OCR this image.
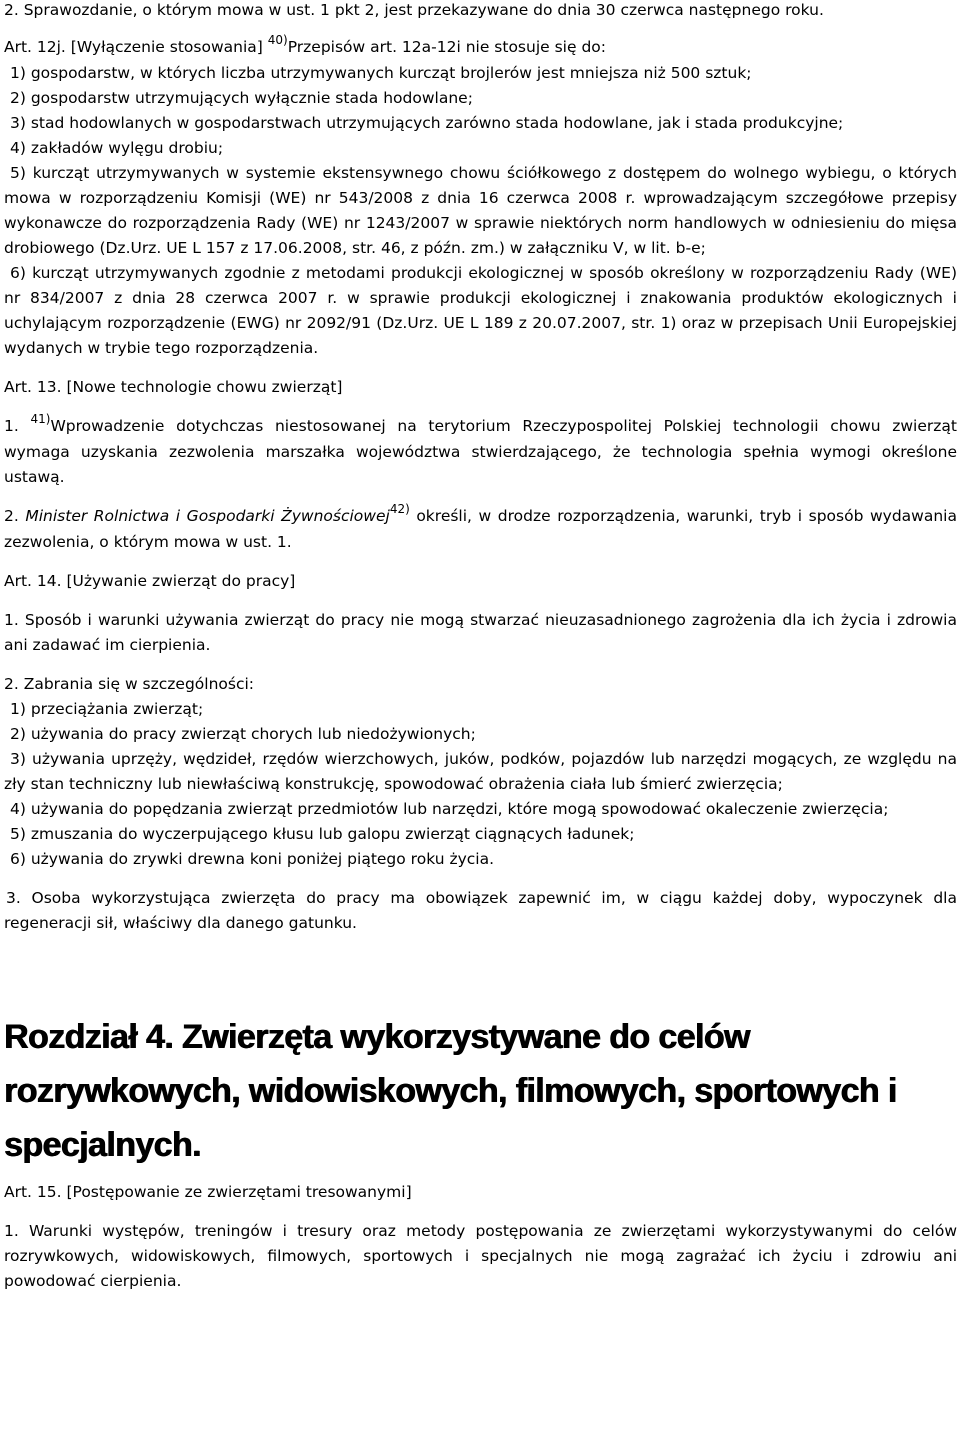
2. Sprawozdanie, o którym mowa w ust. 1 pkt 2, jest przekazywane do dnia 30 czerwca następnego roku.

Art. 12j. [Wyłączenie stosowania] $^{40)}$Przepisów art. 12a-12i nie stosuje się do:

1) gospodarstw, w których liczba utrzymywanych kurcząt brojlerów jest mniejsza niż 500 sztuk;

2) gospodarstw utrzymujących wyłącznie stada hodowlane;

3) stad hodowlanych w gospodarstwach utrzymujących zarówno stada hodowlane, jak i stada produkcyjne;

4) zakładów wylęgu drobiu;

5) kurcząt utrzymywanych w systemie ekstensywnego chowu ściółkowego z dostępem do wolnego wybiegu, o których mowa w rozporządzeniu Komisji (WE) nr 543/2008 z dnia 16 czerwca 2008 r. wprowadzającym szczegółowe przepisy wykonawcze do rozporządzenia Rady (WE) nr 1243/2007 w sprawie niektórych norm handlowych w odniesieniu do mięsa drobiowego (Dz.Urz. UE L 157 z 17.06.2008, str. 46, z późn. zm.) w załączniku V, w lit. b-e;

6) kurcząt utrzymywanych zgodnie z metodami produkcji ekologicznej w sposób określony w rozporządzeniu Rady (WE) nr 834/2007 z dnia 28 czerwca 2007 r. w sprawie produkcji ekologicznej i znakowania produktów ekologicznych i uchylającym rozporządzenie (EWG) nr 2092/91 (Dz.Urz. UE L 189 z 20.07.2007, str. 1) oraz w przepisach Unii Europejskiej wydanych w trybie tego rozporządzenia.

Art. 13. [Nowe technologie chowu zwierząt]

1. $^{41)}$Wprowadzenie dotychczas niestosowanej na terytorium Rzeczypospolitej Polskiej technologii chowu zwierząt wymaga uzyskania zezwolenia marszałka województwa stwierdzającego, że technologia spełnia wymogi określone ustawą.

2. Minister Rolnictwa i Gospodarki Żywnościowej$^{42)}$ określi, w drodze rozporządzenia, warunki, tryb i sposób wydawania zezwolenia, o którym mowa w ust. 1.

Art. 14. [Używanie zwierząt do pracy]

1. Sposób i warunki używania zwierząt do pracy nie mogą stwarzać nieuzasadnionego zagrożenia dla ich życia i zdrowia ani zadawać im cierpienia.

2. Zabrania się w szczególności:

1) przeciążania zwierząt;

2) używania do pracy zwierząt chorych lub niedożywionych;

3) używania uprzęży, wędzideł, rzędów wierzchowych, juków, podków, pojazdów lub narzędzi mogących, ze względu na zły stan techniczny lub niewłaściwą konstrukcję, spowodować obrażenia ciała lub śmierć zwierzęcia;

4) używania do popędzania zwierząt przedmiotów lub narzędzi, które mogą spowodować okaleczenie zwierzęcia;

5) zmuszania do wyczerpującego kłusu lub galopu zwierząt ciągnących ładunek;

6) używania do zrywki drewna koni poniżej piątego roku życia.

3. Osoba wykorzystująca zwierzęta do pracy ma obowiązek zapewnić im, w ciągu każdej doby, wypoczynek dla regeneracji sił, właściwy dla danego gatunku.

Rozdział 4. Zwierzęta wykorzystywane do celów rozrywkowych, widowiskowych, filmowych, sportowych i specjalnych.

Art. 15. [Postępowanie ze zwierzętami tresowanymi]

1. Warunki występów, treningów i tresury oraz metody postępowania ze zwierzętami wykorzystywanymi do celów rozrywkowych, widowiskowych, filmowych, sportowych i specjalnych nie mogą zagrażać ich życiu i zdrowiu ani powodować cierpienia.
